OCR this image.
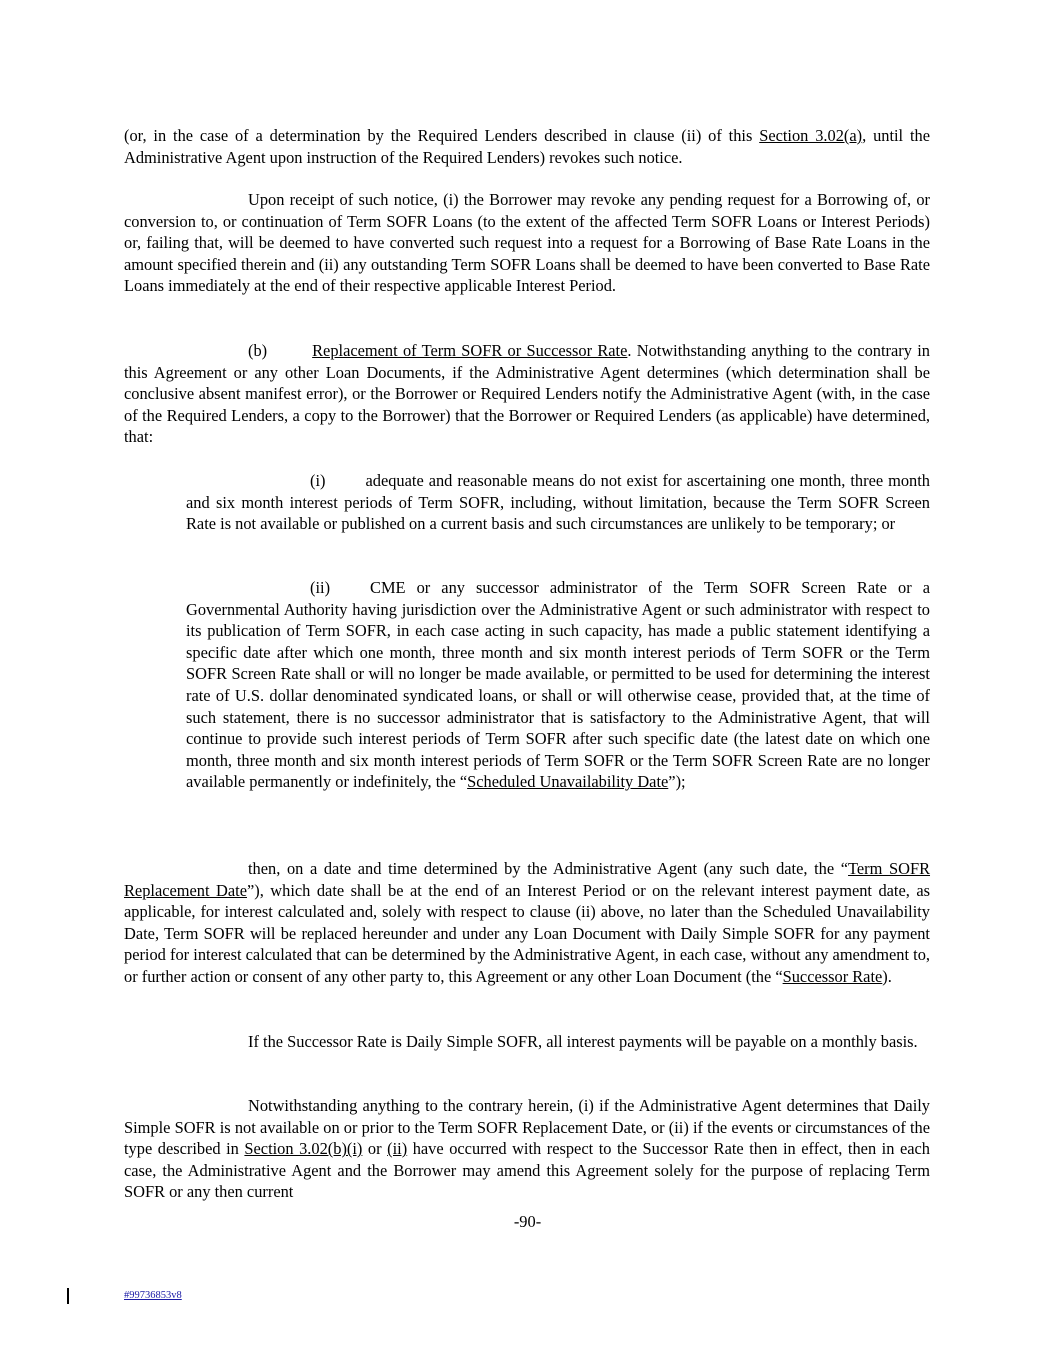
(or, in the case of a determination by the Required Lenders described in clause (ii) of this Section 3.02(a), until the Administrative Agent upon instruction of the Required Lenders) revokes such notice.

Upon receipt of such notice, (i) the Borrower may revoke any pending request for a Borrowing of, or conversion to, or continuation of Term SOFR Loans (to the extent of the affected Term SOFR Loans or Interest Periods) or, failing that, will be deemed to have converted such request into a request for a Borrowing of Base Rate Loans in the amount specified therein and (ii) any outstanding Term SOFR Loans shall be deemed to have been converted to Base Rate Loans immediately at the end of their respective applicable Interest Period.

(b)	Replacement of Term SOFR or Successor Rate. Notwithstanding anything to the contrary in this Agreement or any other Loan Documents, if the Administrative Agent determines (which determination shall be conclusive absent manifest error), or the Borrower or Required Lenders notify the Administrative Agent (with, in the case of the Required Lenders, a copy to the Borrower) that the Borrower or Required Lenders (as applicable) have determined, that:

(i) adequate and reasonable means do not exist for ascertaining one month, three month and six month interest periods of Term SOFR, including, without limitation, because the Term SOFR Screen Rate is not available or published on a current basis and such circumstances are unlikely to be temporary; or

(ii) CME or any successor administrator of the Term SOFR Screen Rate or a Governmental Authority having jurisdiction over the Administrative Agent or such administrator with respect to its publication of Term SOFR, in each case acting in such capacity, has made a public statement identifying a specific date after which one month, three month and six month interest periods of Term SOFR or the Term SOFR Screen Rate shall or will no longer be made available, or permitted to be used for determining the interest rate of U.S. dollar denominated syndicated loans, or shall or will otherwise cease, provided that, at the time of such statement, there is no successor administrator that is satisfactory to the Administrative Agent, that will continue to provide such interest periods of Term SOFR after such specific date (the latest date on which one month, three month and six month interest periods of Term SOFR or the Term SOFR Screen Rate are no longer available permanently or indefinitely, the “Scheduled Unavailability Date”);

then, on a date and time determined by the Administrative Agent (any such date, the “Term SOFR Replacement Date”), which date shall be at the end of an Interest Period or on the relevant interest payment date, as applicable, for interest calculated and, solely with respect to clause (ii) above, no later than the Scheduled Unavailability Date, Term SOFR will be replaced hereunder and under any Loan Document with Daily Simple SOFR for any payment period for interest calculated that can be determined by the Administrative Agent, in each case, without any amendment to, or further action or consent of any other party to, this Agreement or any other Loan Document (the “Successor Rate).

If the Successor Rate is Daily Simple SOFR, all interest payments will be payable on a monthly basis.

Notwithstanding anything to the contrary herein, (i) if the Administrative Agent determines that Daily Simple SOFR is not available on or prior to the Term SOFR Replacement Date, or (ii) if the events or circumstances of the type described in Section 3.02(b)(i) or (ii) have occurred with respect to the Successor Rate then in effect, then in each case, the Administrative Agent and the Borrower may amend this Agreement solely for the purpose of replacing Term SOFR or any then current

-90-
#99736853v8
